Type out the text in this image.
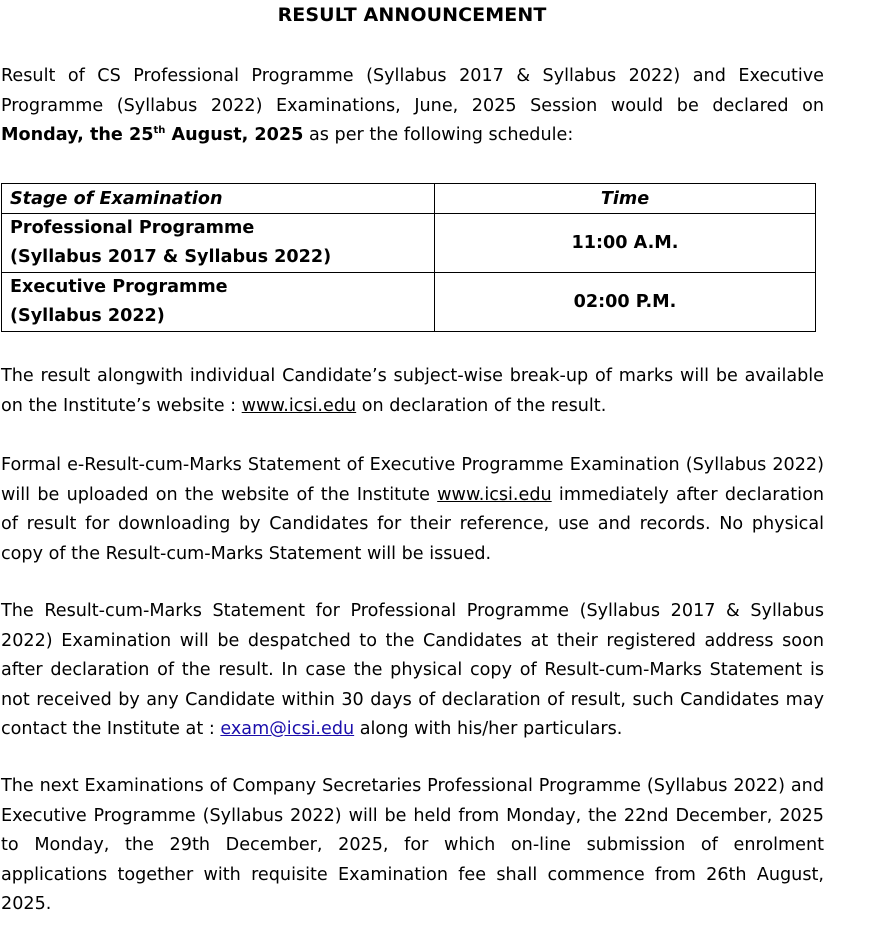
RESULT ANNOUNCEMENT

Result of CS Professional Programme (Syllabus 2017 & Syllabus 2022) and Executive Programme (Syllabus 2022) Examinations, June, 2025 Session would be declared on Monday, the 25th August, 2025 as per the following schedule:

Stage of Examination	Time
Professional Programme
(Syllabus 2017 & Syllabus 2022)	11:00 A.M.
Executive Programme
(Syllabus 2022)	02:00 P.M.

The result alongwith individual Candidate’s subject-wise break-up of marks will be available on the Institute’s website : www.icsi.edu on declaration of the result.

Formal e-Result-cum-Marks Statement of Executive Programme Examination (Syllabus 2022) will be uploaded on the website of the Institute www.icsi.edu immediately after declaration of result for downloading by Candidates for their reference, use and records. No physical copy of the Result-cum-Marks Statement will be issued.

The Result-cum-Marks Statement for Professional Programme (Syllabus 2017 & Syllabus 2022) Examination will be despatched to the Candidates at their registered address soon after declaration of the result. In case the physical copy of Result-cum-Marks Statement is not received by any Candidate within 30 days of declaration of result, such Candidates may contact the Institute at : exam@icsi.edu along with his/her particulars.

The next Examinations of Company Secretaries Professional Programme (Syllabus 2022) and Executive Programme (Syllabus 2022) will be held from Monday, the 22nd December, 2025 to Monday, the 29th December, 2025, for which on-line submission of enrolment applications together with requisite Examination fee shall commence from 26th August, 2025.
